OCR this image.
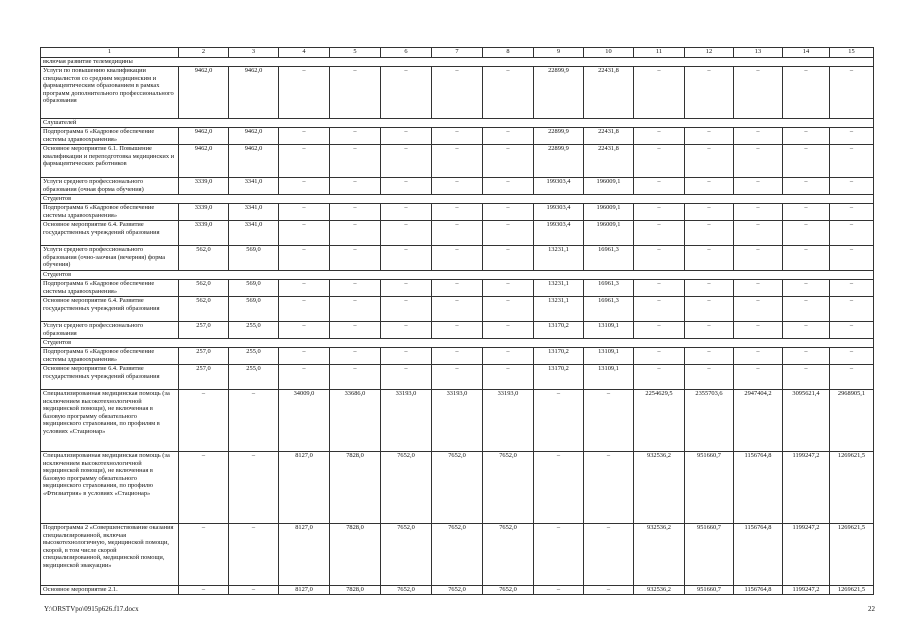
1	2	3	4	5	6	7	8	9	10	11	12	13	14	15
включая развитие телемедицины														
Услуги по повышению квалификации специалистов со средним медицинским и фармацевтическим образованием в рамках программ дополнительного профессионального образования	9462,0	9462,0	–	–	–	–	–	22899,9	22431,8	–	–	–	–	–
Слушателей														
Подпрограмма 6 «Кадровое обеспечение системы здравоохранения»	9462,0	9462,0	–	–	–	–	–	22899,9	22431,8	–	–	–	–	–
Основное мероприятие 6.1. Повышение квалификации и переподготовка медицинских и фармацевтических работников	9462,0	9462,0	–	–	–	–	–	22899,9	22431,8	–	–	–	–	–
Услуги среднего профессионального образования (очная форма обучения)	3339,0	3341,0	–	–	–	–	–	199303,4	196009,1	–	–	–	–	–
Студентов														
Подпрограмма 6 «Кадровое обеспечение системы здравоохранения»	3339,0	3341,0	–	–	–	–	–	199303,4	196009,1	–	–	–	–	–
Основное мероприятие 6.4. Развитие государственных учреждений образования	3339,0	3341,0	–	–	–	–	–	199303,4	196009,1	–	–	–	–	–
Услуги среднего профессионального образования (очно-заочная (вечерняя) форма обучения)	562,0	569,0	–	–	–	–	–	13231,1	16961,3	–	–	–	–	–
Студентов														
Подпрограмма 6 «Кадровое обеспечение системы здравоохранения»	562,0	569,0	–	–	–	–	–	13231,1	16961,3	–	–	–	–	–
Основное мероприятие 6.4. Развитие государственных учреждений образования	562,0	569,0	–	–	–	–	–	13231,1	16961,3	–	–	–	–	–
Услуги среднего профессионального образования	257,0	255,0	–	–	–	–	–	13170,2	13109,1	–	–	–	–	–
Студентов														
Подпрограмма 6 «Кадровое обеспечение системы здравоохранения»	257,0	255,0	–	–	–	–	–	13170,2	13109,1	–	–	–	–	–
Основное мероприятие 6.4. Развитие государственных учреждений образования	257,0	255,0	–	–	–	–	–	13170,2	13109,1	–	–	–	–	–
Специализированная медицинская помощь (за исключением высокотехнологичной медицинской помощи), не включенная в базовую программу обязательного медицинского страхования, по профилям в условиях «Стационар»	–	–	34009,0	33686,0	33193,0	33193,0	33193,0	–	–	2254629,5	2355703,6	2947404,2	3095621,4	2968905,1
Специализированная медицинская помощь (за исключением высокотехнологичной медицинской помощи), не включенная в базовую программу обязательного медицинского страхования, по профилю «Фтизиатрия» в условиях «Стационар»	–	–	8127,0	7828,0	7652,0	7652,0	7652,0	–	–	932536,2	951660,7	1156764,8	1199247,2	1269621,5
Подпрограмма 2 «Совершенствование оказания специализированной, включая высокотехнологичную, медицинской помощи, скорой, в том числе скорой специализированной, медицинской помощи, медицинской эвакуации»	–	–	8127,0	7828,0	7652,0	7652,0	7652,0	–	–	932536,2	951660,7	1156764,8	1199247,2	1269621,5
Основное мероприятие 2.1.	–	–	8127,0	7828,0	7652,0	7652,0	7652,0	–	–	932536,2	951660,7	1156764,8	1199247,2	1269621,5
Y:\ORSTVpo\0915p626.f17.docx	22
